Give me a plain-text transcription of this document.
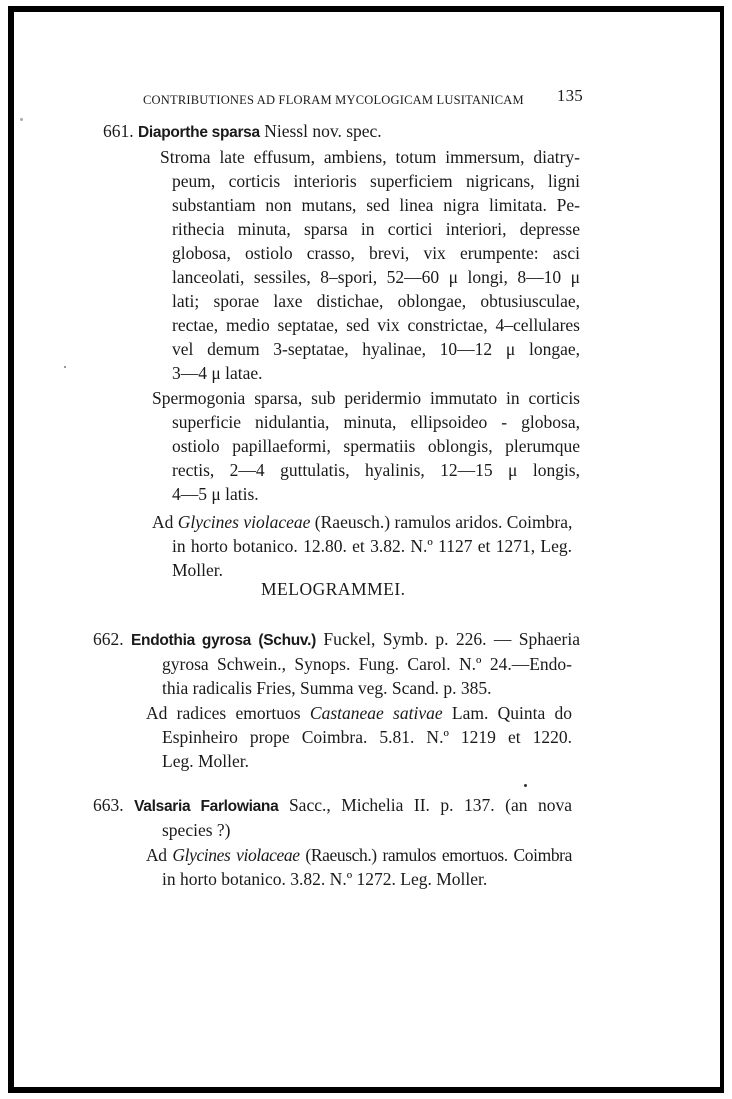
CONTRIBUTIONES AD FLORAM MYCOLOGICAM LUSITANICAM 135
661. Diaporthe sparsa Niessl nov. spec.
Stroma late effusum, ambiens, totum immersum, diatry-
peum, corticis interioris superficiem nigricans, ligni
substantiam non mutans, sed linea nigra limitata. Pe-
rithecia minuta, sparsa in cortici interiori, depresse
globosa, ostiolo crasso, brevi, vix erumpente: asci
lanceolati, sessiles, 8–spori, 52—60 μ longi, 8—10 μ
lati; sporae laxe distichae, oblongae, obtusiusculae,
rectae, medio septatae, sed vix constrictae, 4–cellulares
vel demum 3-septatae, hyalinae, 10—12 μ longae,
3—4 μ latae.
Spermogonia sparsa, sub peridermio immutato in corticis
superficie nidulantia, minuta, ellipsoideo - globosa,
ostiolo papillaeformi, spermatiis oblongis, plerumque
rectis, 2—4 guttulatis, hyalinis, 12—15 μ longis,
4—5 μ latis.
Ad Glycines violaceae (Raeusch.) ramulos aridos. Coimbra,
in horto botanico. 12.80. et 3.82. N.º 1127 et 1271, Leg.
Moller.
MELOGRAMMEI.
662. Endothia gyrosa (Schuv.) Fuckel, Symb. p. 226. — Sphaeria
gyrosa Schwein., Synops. Fung. Carol. N.º 24.—Endo-
thia radicalis Fries, Summa veg. Scand. p. 385.
Ad radices emortuos Castaneae sativae Lam. Quinta do
Espinheiro prope Coimbra. 5.81. N.º 1219 et 1220.
Leg. Moller.
663. Valsaria Farlowiana Sacc., Michelia II. p. 137. (an nova
species ?)
Ad Glycines violaceae (Raeusch.) ramulos emortuos. Coimbra
in horto botanico. 3.82. N.º 1272. Leg. Moller.
